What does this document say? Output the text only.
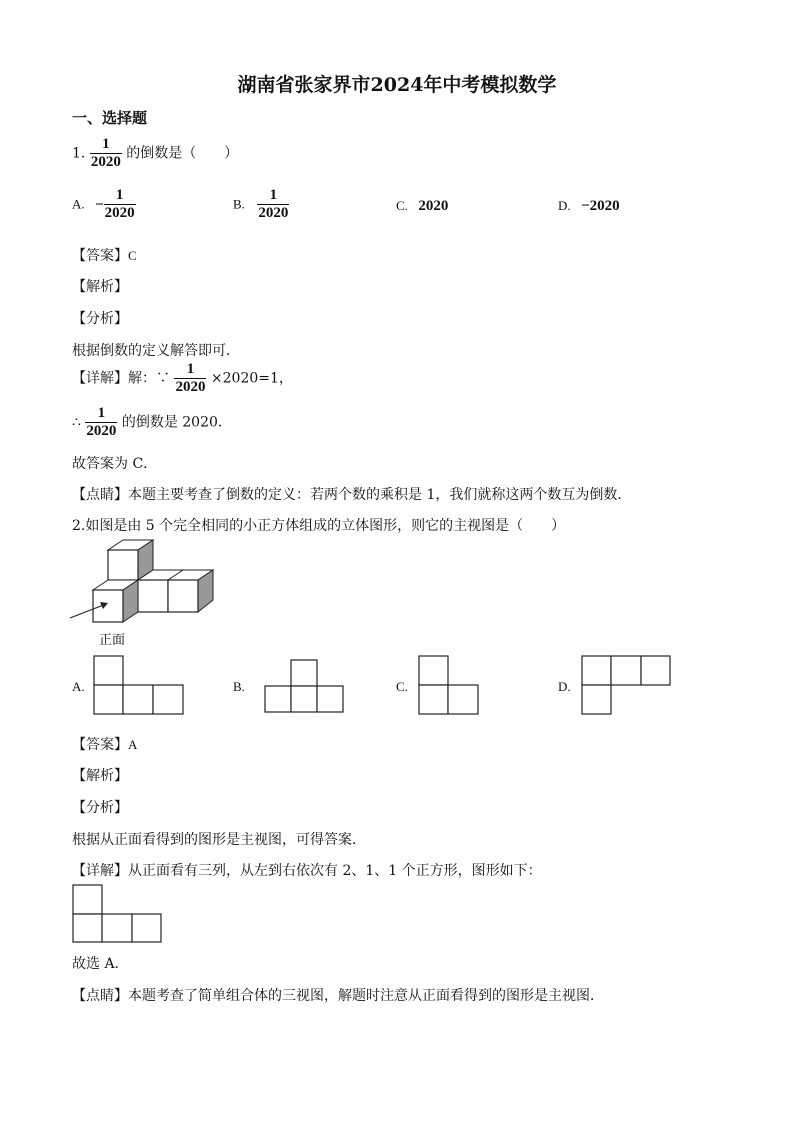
湖南省张家界市2024年中考模拟数学
一、选择题
1. $\frac{1}{2020}$ 的倒数是（　　）
A. − $\frac{1}{2020}$	B. $\frac{1}{2020}$	C. 2020	D. −2020
【答案】C
【解析】
【分析】
根据倒数的定义解答即可．
【详解】解：∵ $\frac{1}{2020} \times 2020=1$，
∴ $\frac{1}{2020}$ 的倒数是 2020．
故答案为 C．
【点睛】本题主要考查了倒数的定义：若两个数的乘积是 1，我们就称这两个数互为倒数．
2.如图是由 5 个完全相同的小正方体组成的立体图形，则它的主视图是（　　）
正面
A.	B.	C.	D.
【答案】A
【解析】
【分析】
根据从正面看得到的图形是主视图，可得答案．
【详解】从正面看有三列，从左到右依次有 2、1、1 个正方形，图形如下：
故选 A．
【点睛】本题考查了简单组合体的三视图，解题时注意从正面看得到的图形是主视图．
